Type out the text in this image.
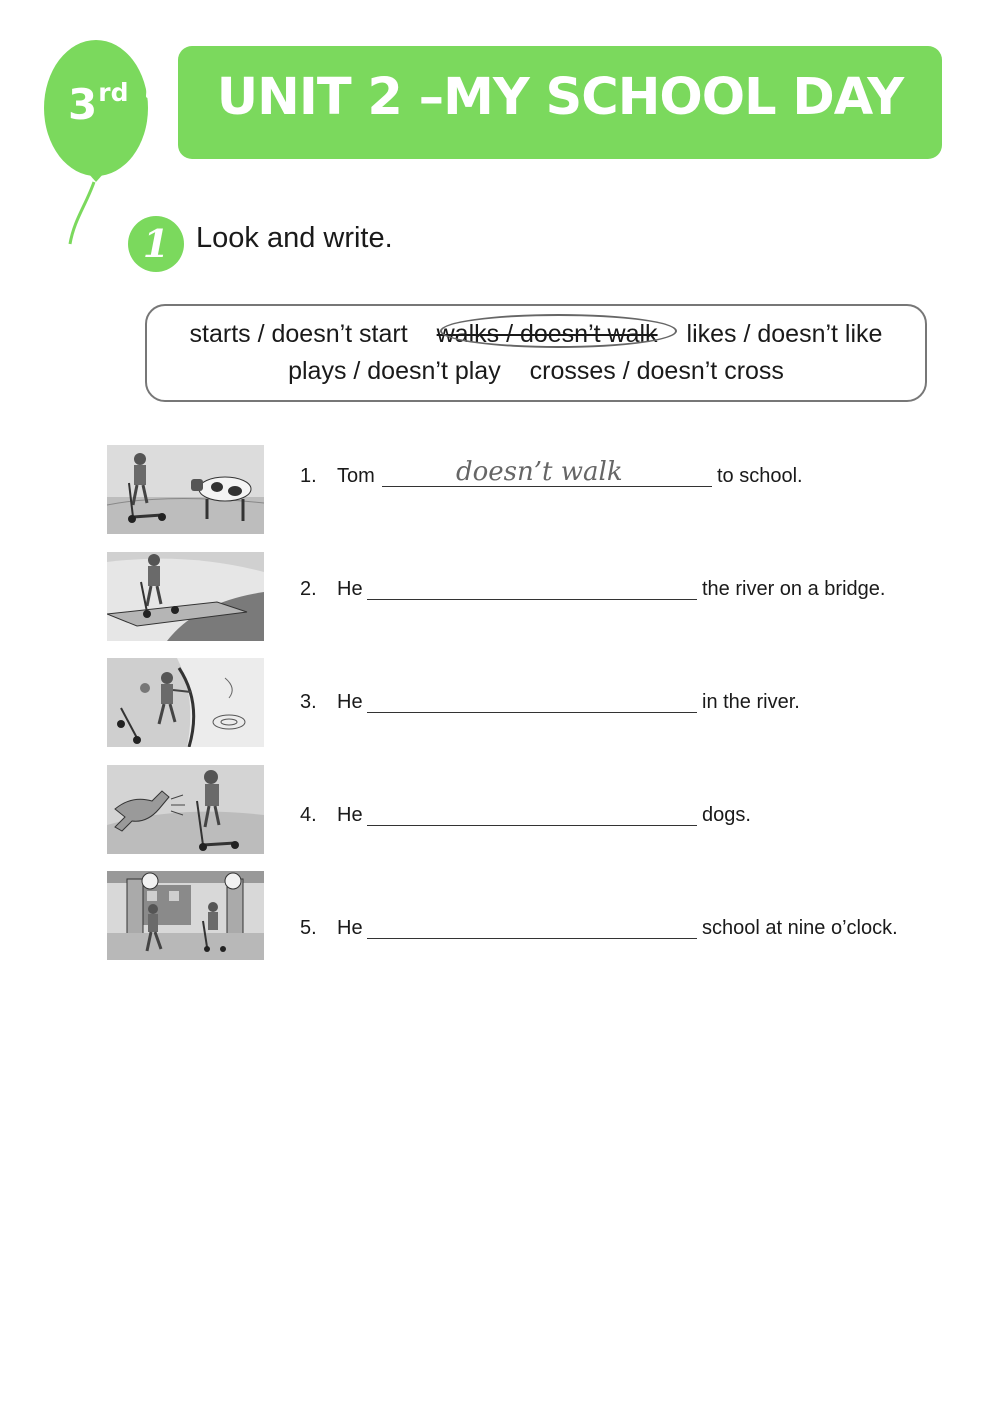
3rd	UNIT 2 –MY SCHOOL DAY
1 Look and write.
starts / doesn’t start walks / doesn’t walk likes / doesn’t like
plays / doesn’t play crosses / doesn’t cross
1. Tom	doesn’t walk	to school.
2. He	the river on a bridge.
3. He	in the river.
4. He	dogs.
5. He	school at nine o’clock.
